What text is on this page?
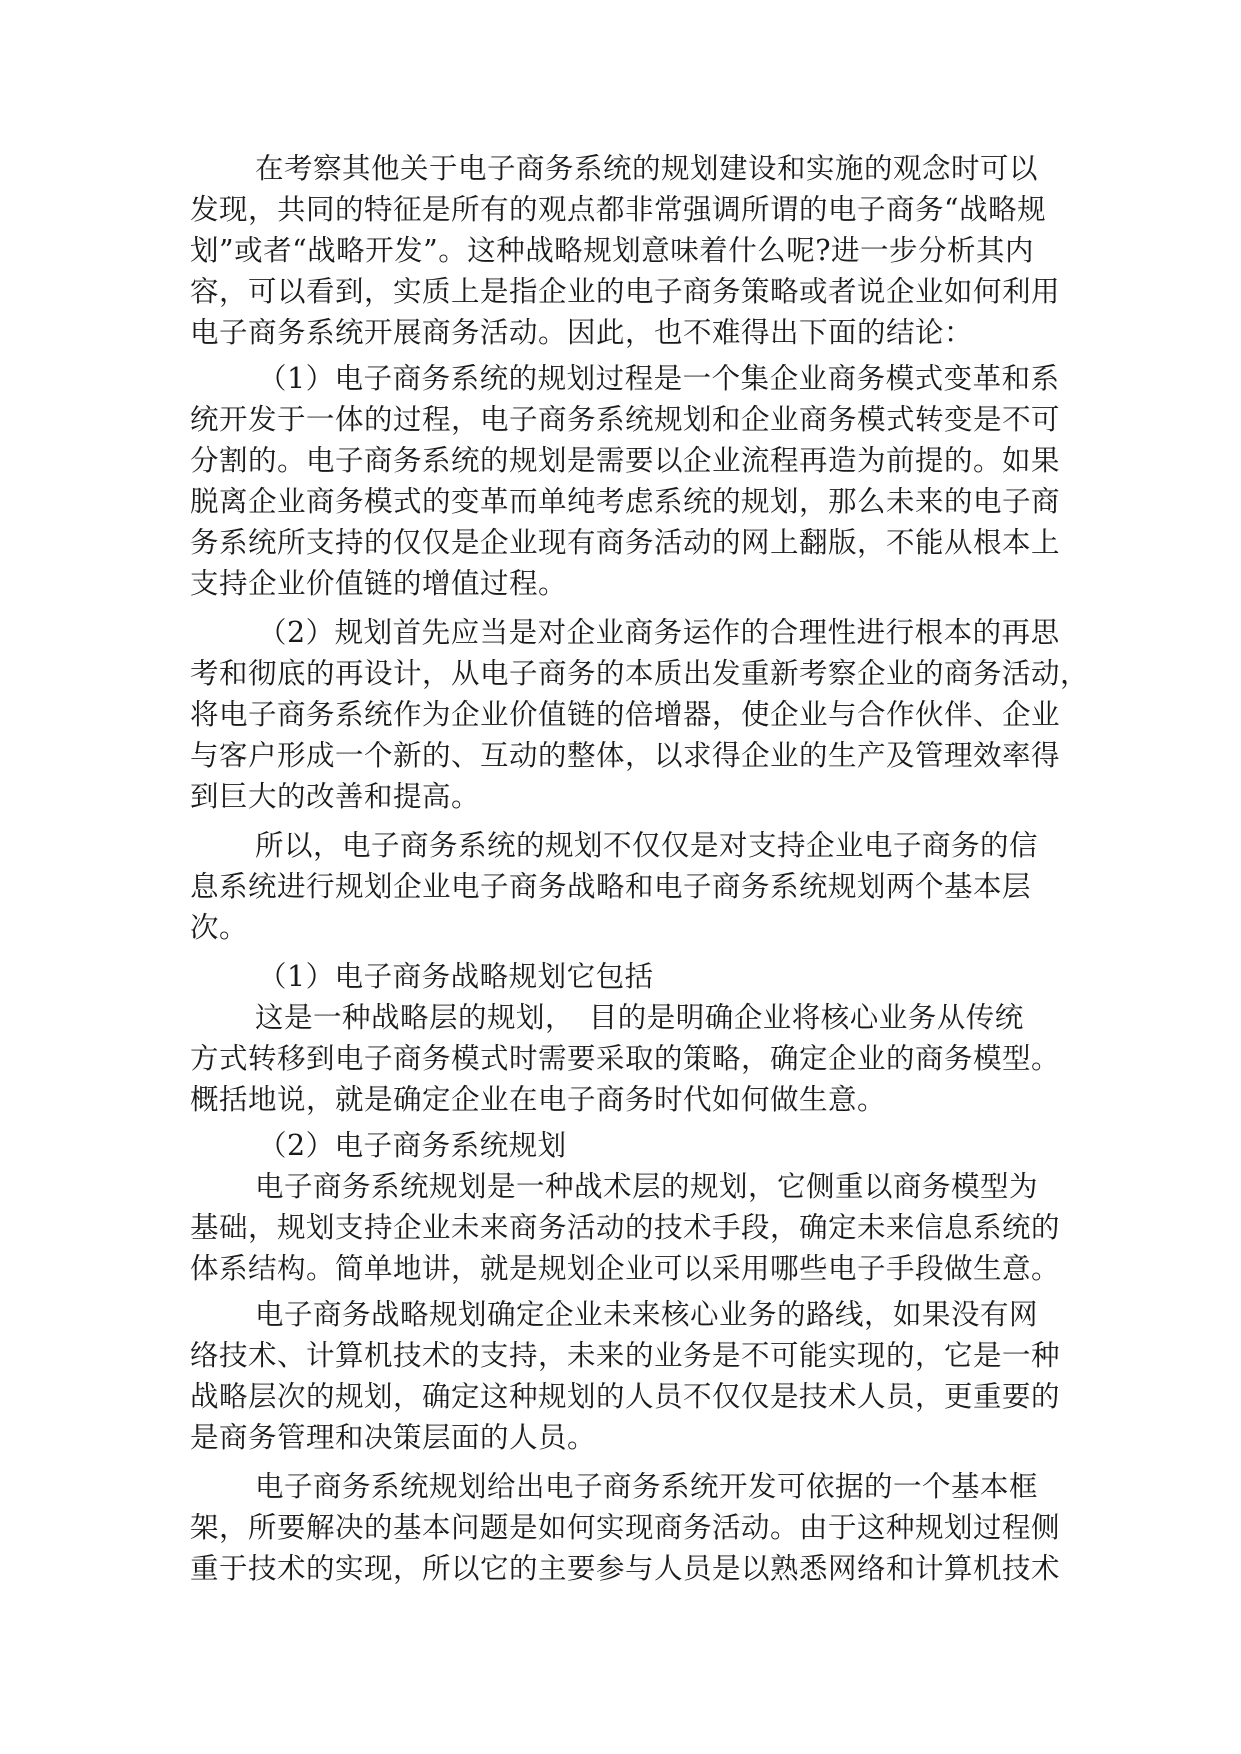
在考察其他关于电子商务系统的规划建设和实施的观念时可以
发现，共同的特征是所有的观点都非常强调所谓的电子商务“战略规
划”或者“战略开发”。这种战略规划意味着什么呢?进一步分析其内
容，可以看到，实质上是指企业的电子商务策略或者说企业如何利用
电子商务系统开展商务活动。因此，也不难得出下面的结论：
（1）电子商务系统的规划过程是一个集企业商务模式变革和系
统开发于一体的过程，电子商务系统规划和企业商务模式转变是不可
分割的。电子商务系统的规划是需要以企业流程再造为前提的。如果
脱离企业商务模式的变革而单纯考虑系统的规划，那么未来的电子商
务系统所支持的仅仅是企业现有商务活动的网上翻版，不能从根本上
支持企业价值链的增值过程。
（2）规划首先应当是对企业商务运作的合理性进行根本的再思
考和彻底的再设计，从电子商务的本质出发重新考察企业的商务活动，
将电子商务系统作为企业价值链的倍增器，使企业与合作伙伴、企业
与客户形成一个新的、互动的整体，以求得企业的生产及管理效率得
到巨大的改善和提高。
所以，电子商务系统的规划不仅仅是对支持企业电子商务的信
息系统进行规划企业电子商务战略和电子商务系统规划两个基本层
次。
（1）电子商务战略规划它包括
这是一种战略层的规划，　目的是明确企业将核心业务从传统
方式转移到电子商务模式时需要采取的策略，确定企业的商务模型。
概括地说，就是确定企业在电子商务时代如何做生意。
（2）电子商务系统规划
电子商务系统规划是一种战术层的规划，它侧重以商务模型为
基础，规划支持企业未来商务活动的技术手段，确定未来信息系统的
体系结构。简单地讲，就是规划企业可以采用哪些电子手段做生意。
电子商务战略规划确定企业未来核心业务的路线，如果没有网
络技术、计算机技术的支持，未来的业务是不可能实现的，它是一种
战略层次的规划，确定这种规划的人员不仅仅是技术人员，更重要的
是商务管理和决策层面的人员。
电子商务系统规划给出电子商务系统开发可依据的一个基本框
架，所要解决的基本问题是如何实现商务活动。由于这种规划过程侧
重于技术的实现，所以它的主要参与人员是以熟悉网络和计算机技术
